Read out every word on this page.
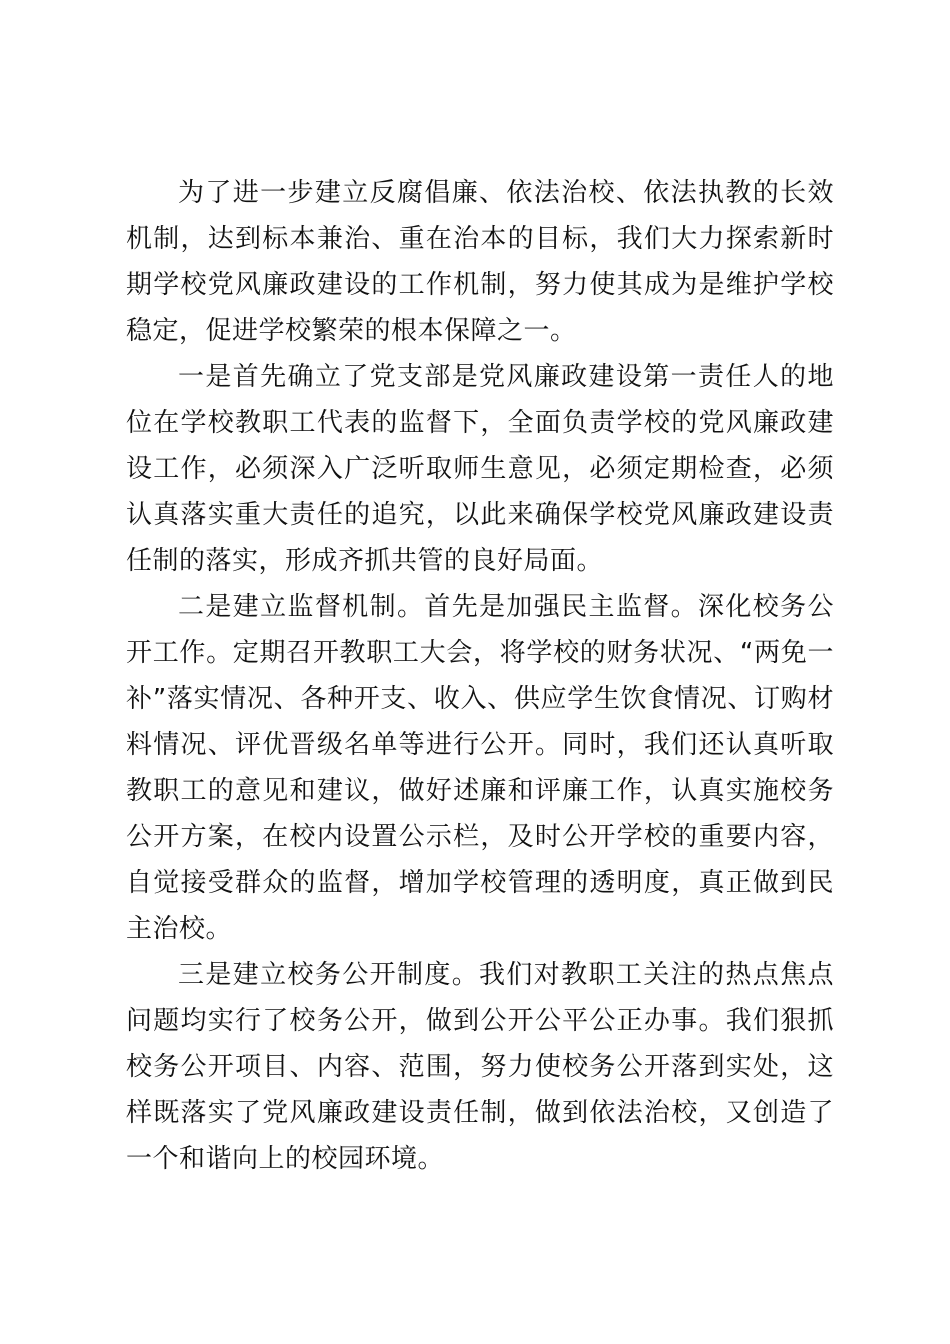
为了进一步建立反腐倡廉、依法治校、依法执教的长效机制，达到标本兼治、重在治本的目标，我们大力探索新时期学校党风廉政建设的工作机制，努力使其成为是维护学校稳定，促进学校繁荣的根本保障之一。

一是首先确立了党支部是党风廉政建设第一责任人的地位在学校教职工代表的监督下，全面负责学校的党风廉政建设工作，必须深入广泛听取师生意见，必须定期检查，必须认真落实重大责任的追究，以此来确保学校党风廉政建设责任制的落实，形成齐抓共管的良好局面。

二是建立监督机制。首先是加强民主监督。深化校务公开工作。定期召开教职工大会，将学校的财务状况、“两免一补”落实情况、各种开支、收入、供应学生饮食情况、订购材料情况、评优晋级名单等进行公开。同时，我们还认真听取教职工的意见和建议，做好述廉和评廉工作，认真实施校务公开方案，在校内设置公示栏，及时公开学校的重要内容，自觉接受群众的监督，增加学校管理的透明度，真正做到民主治校。

三是建立校务公开制度。我们对教职工关注的热点焦点问题均实行了校务公开，做到公开公平公正办事。我们狠抓校务公开项目、内容、范围，努力使校务公开落到实处，这样既落实了党风廉政建设责任制，做到依法治校，又创造了一个和谐向上的校园环境。
